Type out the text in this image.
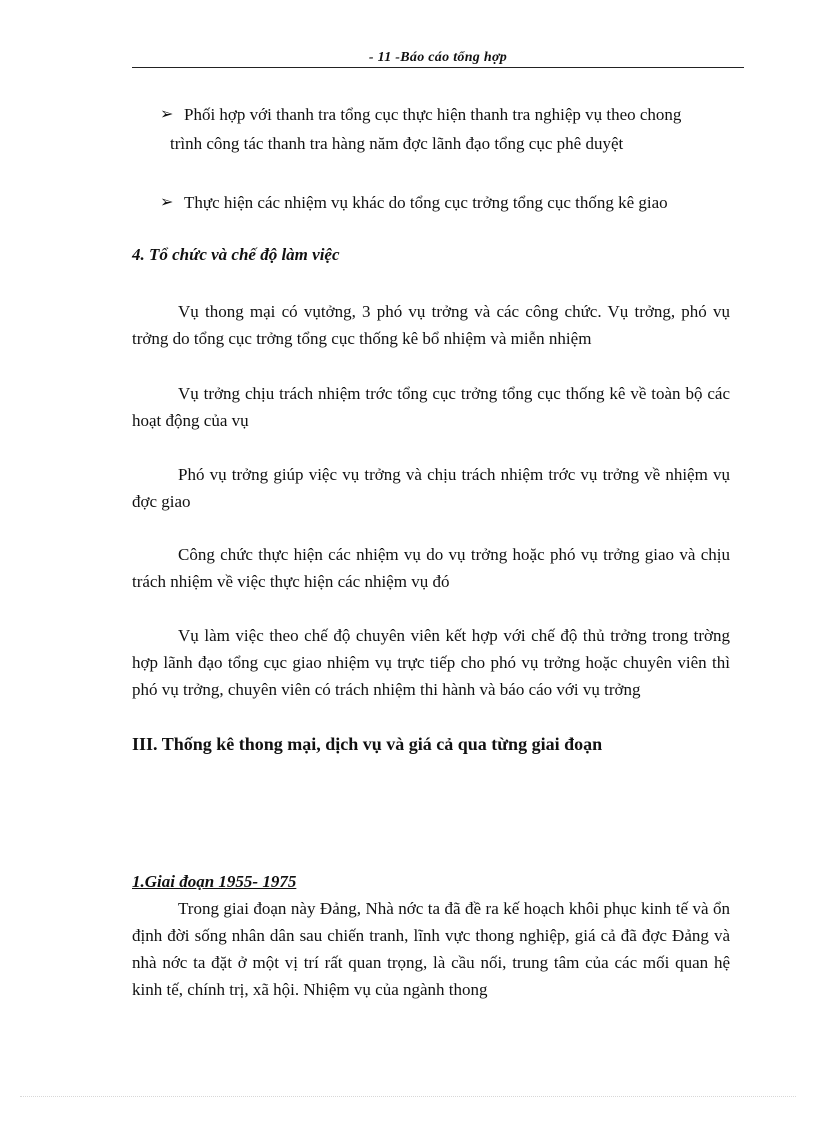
- 11 -Báo cáo tổng hợp
➢ Phối hợp với thanh tra tổng cục thực hiện thanh tra nghiệp vụ theo chong
trình công tác thanh tra hàng năm đợc lãnh đạo tổng cục phê duyệt
➢ Thực hiện các nhiệm vụ khác do tổng cục trởng tổng cục thống kê giao
4. Tổ chức và chế độ làm việc
Vụ thong mại có vụtởng, 3 phó vụ trởng và các công chức. Vụ trởng, phó vụ trởng do tổng cục trởng tổng cục thống kê bổ nhiệm và miễn nhiệm
Vụ trởng chịu trách nhiệm trớc tổng cục trởng tổng cục thống kê về toàn bộ các hoạt động của vụ
Phó vụ trởng giúp việc vụ trởng và chịu trách nhiệm trớc vụ trởng về nhiệm vụ đợc giao
Công chức thực hiện các nhiệm vụ do vụ trởng hoặc phó vụ trởng giao và chịu trách nhiệm về việc thực hiện các nhiệm vụ đó
Vụ làm việc theo chế độ chuyên viên kết hợp với chế độ thủ trởng trong trờng hợp lãnh đạo tổng cục giao nhiệm vụ trực tiếp cho phó vụ trởng hoặc chuyên viên thì phó vụ trởng, chuyên viên có trách nhiệm thi hành và báo cáo với vụ trởng
III. Thống kê thong mại, dịch vụ và giá cả qua từng giai đoạn
1.Giai đoạn 1955- 1975
Trong giai đoạn này Đảng, Nhà nớc ta đã đề ra kế hoạch khôi phục kinh tế và ổn định đời sống nhân dân sau chiến tranh, lĩnh vực thong nghiệp, giá cả đã đợc Đảng và nhà nớc ta đặt ở một vị trí rất quan trọng, là cầu nối, trung tâm của các mối quan hệ kinh tế, chính trị, xã hội. Nhiệm vụ của ngành thong
